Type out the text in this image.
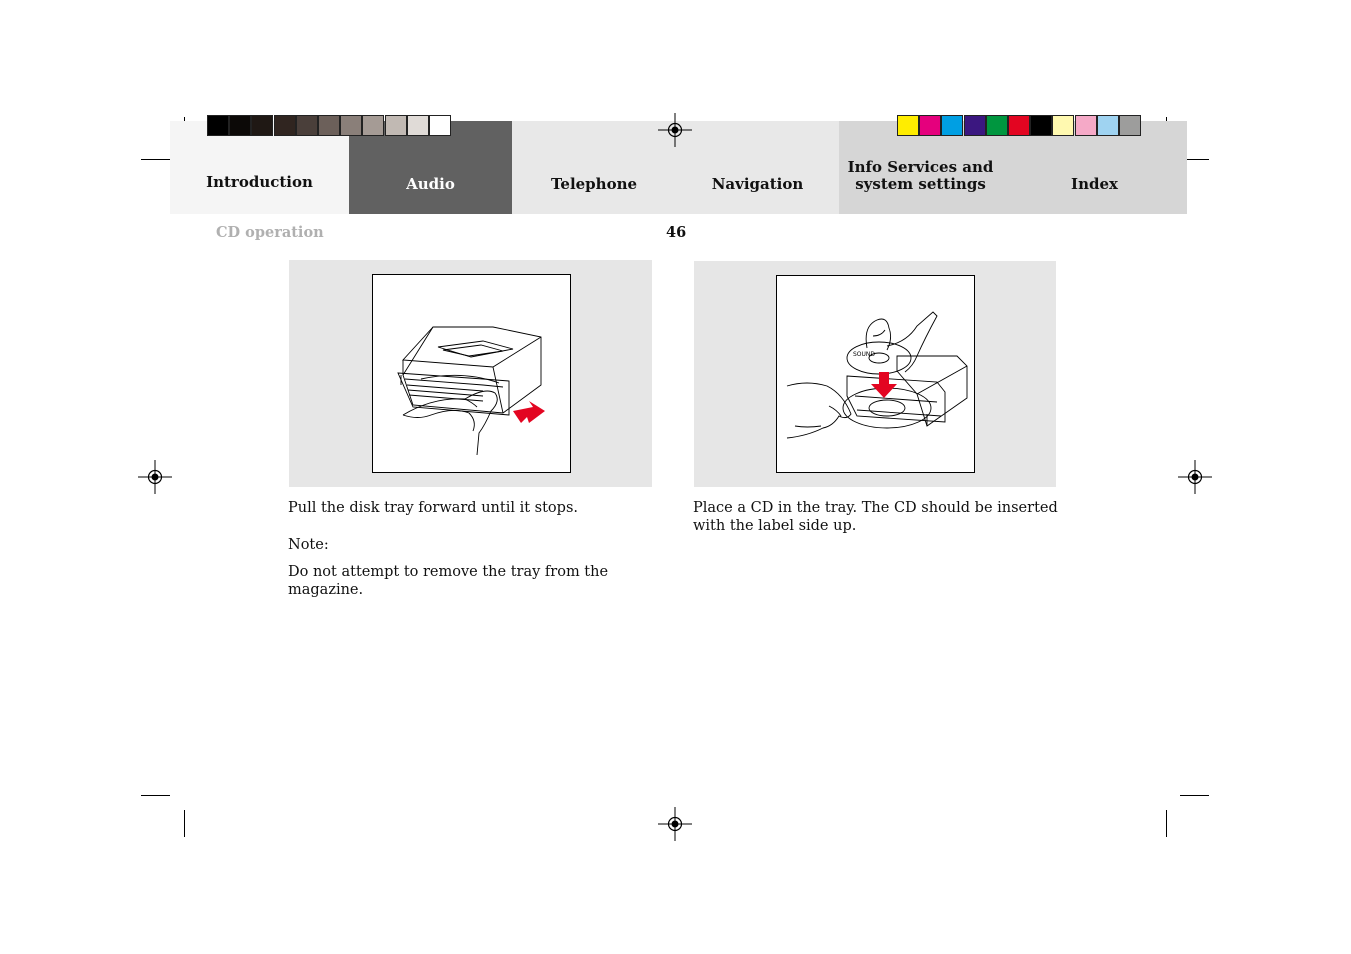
Introduction	Audio	Telephone	Navigation
Info Services and
system settings	Index
CD operation	46
SOUND
Pull the disk tray forward until it stops.
Note:
Do not attempt to remove the tray from the magazine.
Place a CD in the tray. The CD should be inserted with the label side up.
